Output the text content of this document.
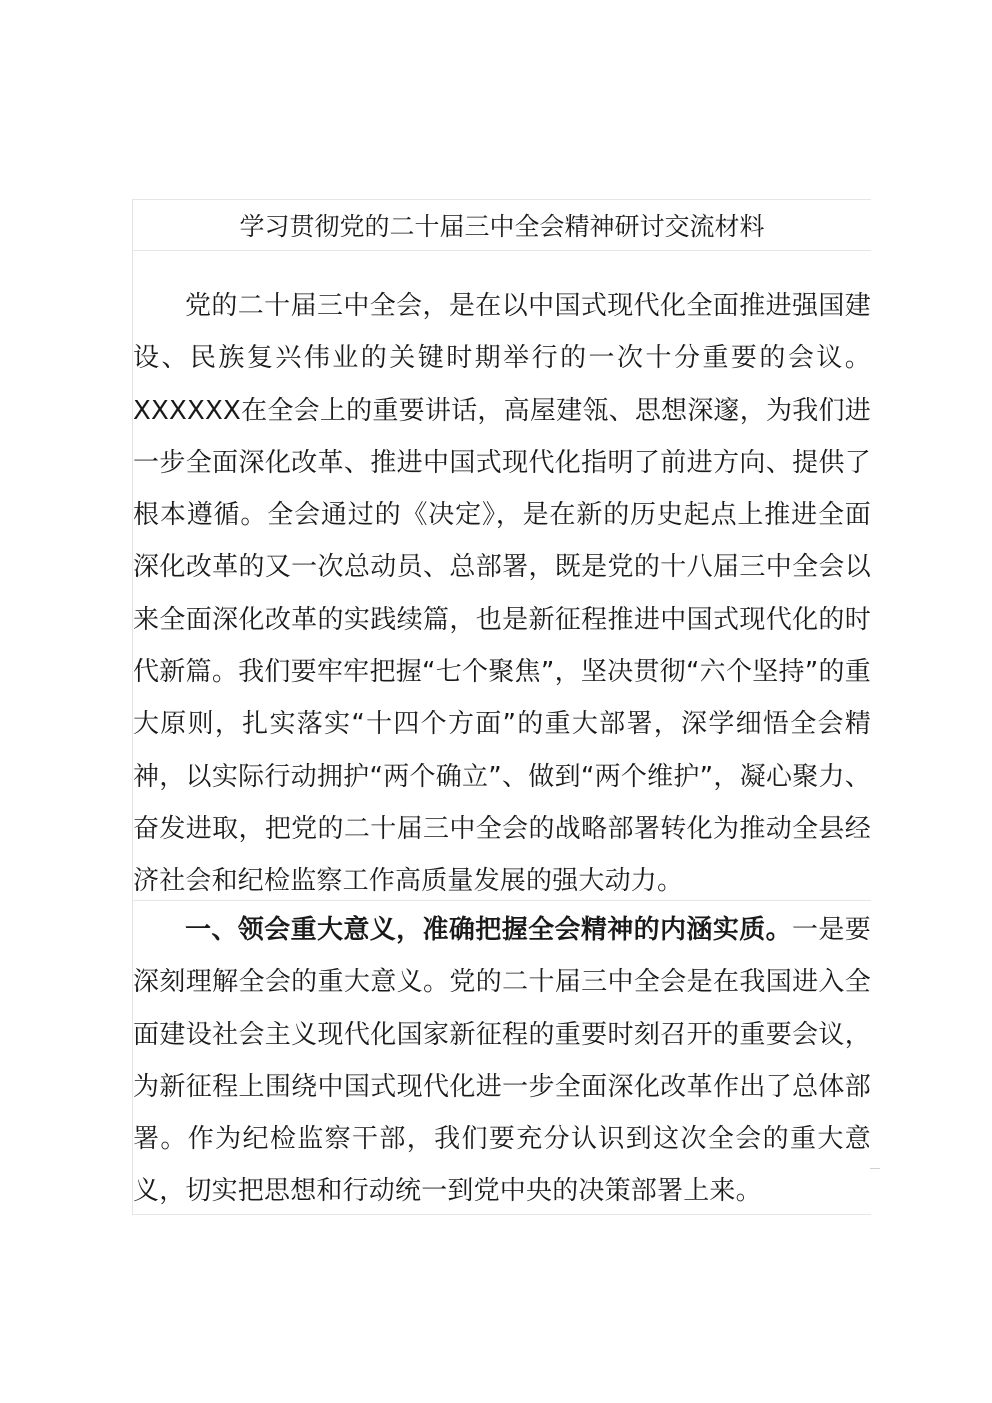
学习贯彻党的二十届三中全会精神研讨交流材料

党的二十届三中全会，是在以中国式现代化全面推进强国建设、民族复兴伟业的关键时期举行的一次十分重要的会议。XXXXXX在全会上的重要讲话，高屋建瓴、思想深邃，为我们进一步全面深化改革、推进中国式现代化指明了前进方向、提供了根本遵循。全会通过的《决定》，是在新的历史起点上推进全面深化改革的又一次总动员、总部署，既是党的十八届三中全会以来全面深化改革的实践续篇，也是新征程推进中国式现代化的时代新篇。我们要牢牢把握“七个聚焦”，坚决贯彻“六个坚持”的重大原则，扎实落实“十四个方面”的重大部署，深学细悟全会精神，以实际行动拥护“两个确立”、做到“两个维护”，凝心聚力、奋发进取，把党的二十届三中全会的战略部署转化为推动全县经济社会和纪检监察工作高质量发展的强大动力。

一、领会重大意义，准确把握全会精神的内涵实质。一是要深刻理解全会的重大意义。党的二十届三中全会是在我国进入全面建设社会主义现代化国家新征程的重要时刻召开的重要会议，为新征程上围绕中国式现代化进一步全面深化改革作出了总体部署。作为纪检监察干部，我们要充分认识到这次全会的重大意义，切实把思想和行动统一到党中央的决策部署上来。
